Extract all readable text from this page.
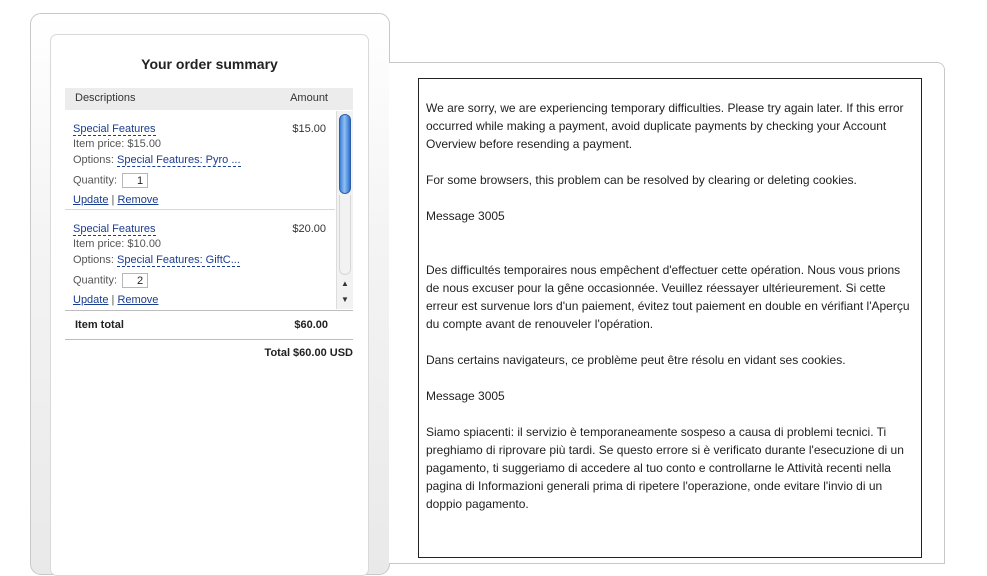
Your order summary
Descriptions	Amount
Special Features	$15.00
Item price: $15.00
Options: Special Features: Pyro ...
Quantity: 1
Update | Remove
Special Features	$20.00
Item price: $10.00
Options: Special Features: GiftC...
Quantity: 2
Update | Remove
▲
▼
Item total	$60.00
Total $60.00 USD

We are sorry, we are experiencing temporary difficulties. Please try again later. If this error occurred while making a payment, avoid duplicate payments by checking your Account Overview before resending a payment.

For some browsers, this problem can be resolved by clearing or deleting cookies.

Message 3005

Des difficultés temporaires nous empêchent d'effectuer cette opération. Nous vous prions de nous excuser pour la gêne occasionnée. Veuillez réessayer ultérieurement. Si cette erreur est survenue lors d'un paiement, évitez tout paiement en double en vérifiant l'Aperçu du compte avant de renouveler l'opération.

Dans certains navigateurs, ce problème peut être résolu en vidant ses cookies.

Message 3005

Siamo spiacenti: il servizio è temporaneamente sospeso a causa di problemi tecnici. Ti preghiamo di riprovare più tardi. Se questo errore si è verificato durante l'esecuzione di un pagamento, ti suggeriamo di accedere al tuo conto e controllarne le Attività recenti nella pagina di Informazioni generali prima di ripetere l'operazione, onde evitare l'invio di un doppio pagamento.
